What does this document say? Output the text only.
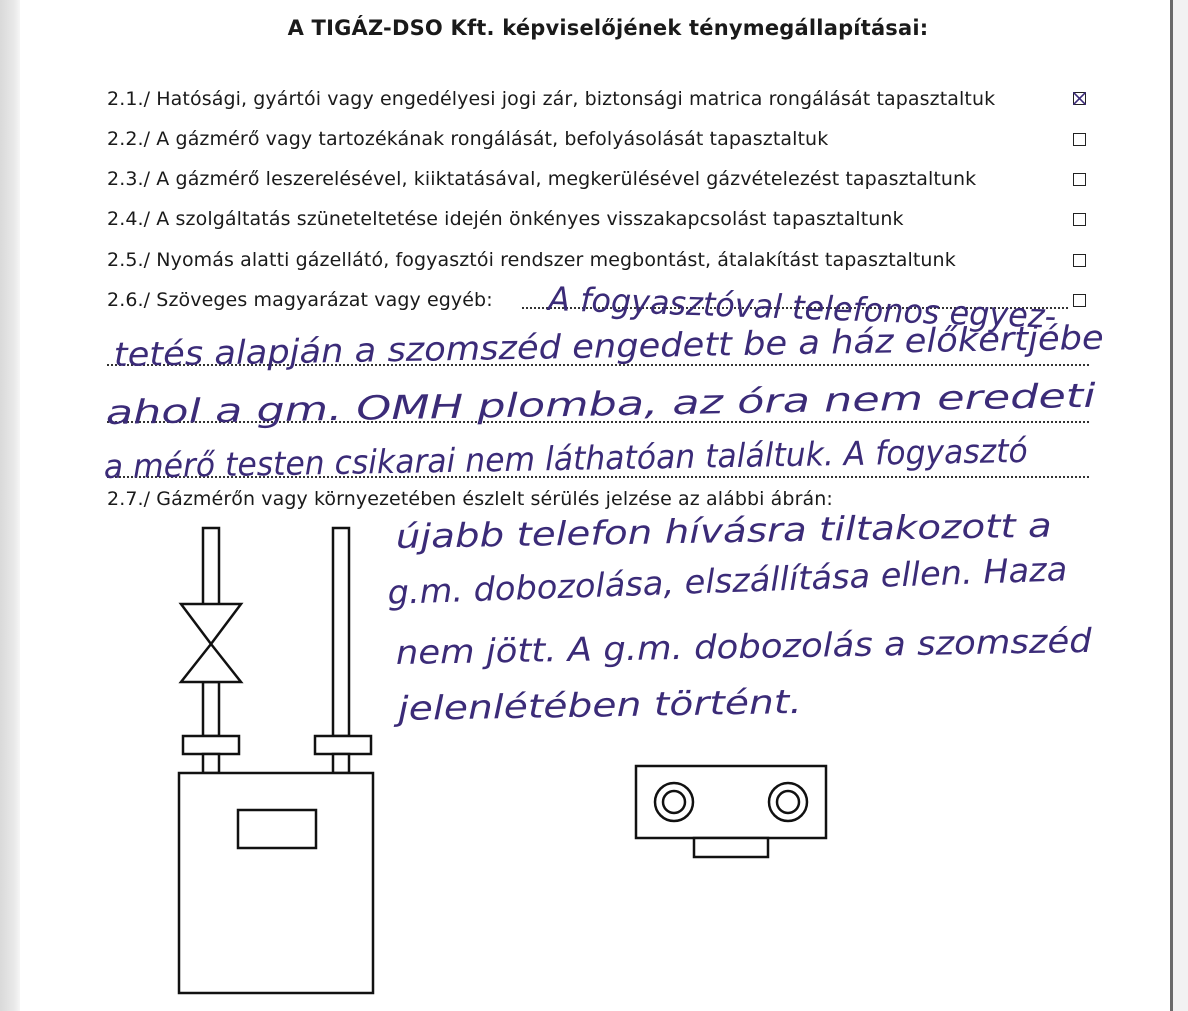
A TIGÁZ-DSO Kft. képviselőjének ténymegállapításai:
2.1./ Hatósági, gyártói vagy engedélyesi jogi zár, biztonsági matrica rongálását tapasztaltuk
2.2./ A gázmérő vagy tartozékának rongálását, befolyásolását tapasztaltuk
2.3./ A gázmérő leszerelésével, kiiktatásával, megkerülésével gázvételezést tapasztaltunk
2.4./ A szolgáltatás szüneteltetése idején önkényes visszakapcsolást tapasztaltunk
2.5./ Nyomás alatti gázellátó, fogyasztói rendszer megbontást, átalakítást tapasztaltunk
2.6./ Szöveges magyarázat vagy egyéb:
2.7./ Gázmérőn vagy környezetében észlelt sérülés jelzése az alábbi ábrán:
A fogyasztóval telefonos egyez-
tetés alapján a szomszéd engedett be a ház előkertjébe
ahol a gm. OMH plomba, az óra nem eredeti
a mérő testen csikarai nem láthatóan találtuk. A fogyasztó
újabb telefon hívásra tiltakozott a
g.m. dobozolása, elszállítása ellen. Haza
nem jött. A g.m. dobozolás a szomszéd
jelenlétében történt.
